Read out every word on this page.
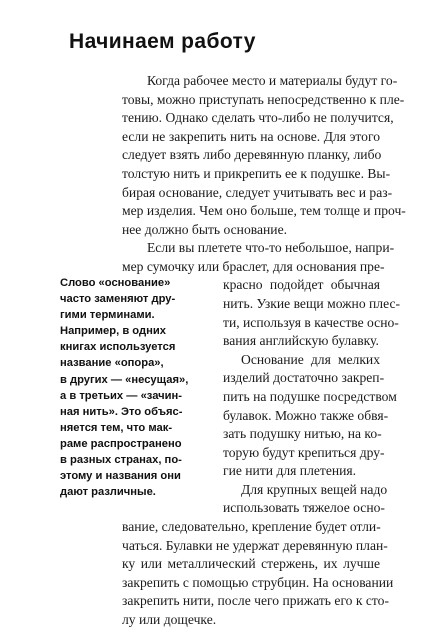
Начинаем работу
Когда рабочее место и материалы будут го-
товы, можно приступать непосредственно к пле-
тению. Однако сделать что-либо не получится,
если не закрепить нить на основе. Для этого
следует взять либо деревянную планку, либо
толстую нить и прикрепить ее к подушке. Вы-
бирая основание, следует учитывать вес и раз-
мер изделия. Чем оно больше, тем толще и проч-
нее должно быть основание.
Если вы плетете что-то небольшое, напри-
мер сумочку или браслет, для основания пре-
красно подойдет обычная
нить. Узкие вещи можно плес-
ти, используя в качестве осно-
вания английскую булавку.
Основание для мелких
изделий достаточно закреп-
пить на подушке посредством
булавок. Можно также обвя-
зать подушку нитью, на ко-
торую будут крепиться дру-
гие нити для плетения.
Для крупных вещей надо
использовать тяжелое осно-
вание, следовательно, крепление будет отли-
чаться. Булавки не удержат деревянную план-
ку или металлический стержень, их лучше
закрепить с помощью струбцин. На основании
закрепить нити, после чего прижать его к сто-
лу или дощечке.
Слово «основание»
часто заменяют дру-
гими терминами.
Например, в одних
книгах используется
название «опора»,
в других — «несущая»,
а в третьих — «зачин-
ная нить». Это объяс-
няется тем, что мак-
раме распространено
в разных странах, по-
этому и названия они
дают различные.
